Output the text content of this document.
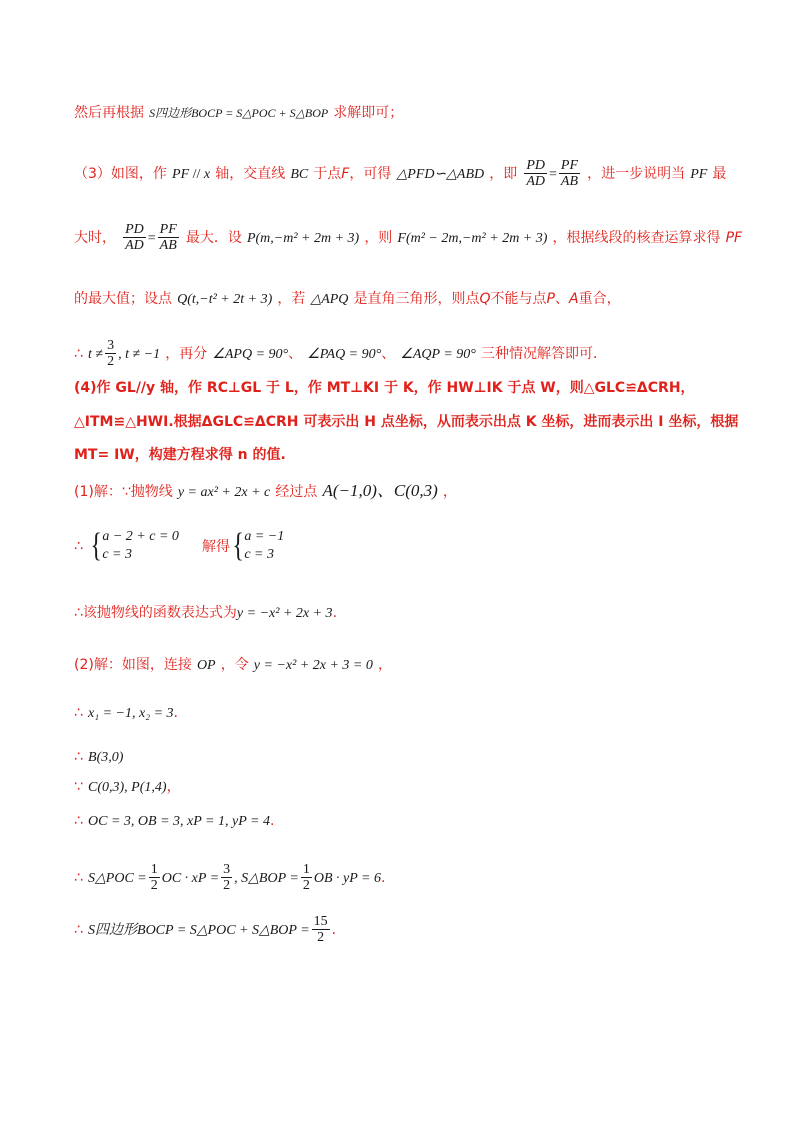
然后再根据 S四边形BOCP = S△POC + S△BOP 求解即可；
（3）如图，作 PF // x 轴，交直线 BC 于点F，可得 △PFD∽△ABD ，即 $\frac{PD}{AD} = \frac{PF}{AB}$ ，进一步说明当 PF 最
大时， $\frac{PD}{AD} = \frac{PF}{AB}$ 最大．设 P(m,−m² + 2m + 3) ，则 F(m² − 2m,−m² + 2m + 3) ，根据线段的核查运算求得 PF
的最大值；设点 Q(t,−t² + 2t + 3) ，若 △APQ 是直角三角形，则点Q不能与点P、A重合，
∴ $t \ne \frac{3}{2}$ , t ≠ −1 ，再分 ∠APQ = 90°、 ∠PAQ = 90°、 ∠AQP = 90° 三种情况解答即可．
(4)作 GL//y 轴，作 RC⊥GL 于 L，作 MT⊥KI 于 K，作 HW⊥IK 于点 W，则△GLC≌ΔCRH，
△ITM≌△HWI.根据ΔGLC≌ΔCRH 可表示出 H 点坐标，从而表示出点 K 坐标，进而表示出 I 坐标，根据
MT= IW，构建方程求得 n 的值.
(1)解：∵抛物线 y = ax² + 2x + c 经过点 A(−1,0)、C(0,3) ，
∴ { a − 2 + c = 0
c = 3	解得{ a = −1
c = 3
∴该抛物线的函数表达式为y = −x² + 2x + 3.
(2)解：如图，连接 OP ，令 y = −x² + 2x + 3 = 0 ，
∴ x₁ = −1, x₂ = 3.
∴ B(3,0)
∵ C(0,3), P(1,4)，
∴ OC = 3, OB = 3, xP = 1, yP = 4.
∴ S△POC = $\frac{1}{2}$ OC · xP = $\frac{3}{2}$ , S△BOP = $\frac{1}{2}$ OB · yP = 6.
∴ S四边形BOCP = S△POC + S△BOP = $\frac{15}{2}$ .
